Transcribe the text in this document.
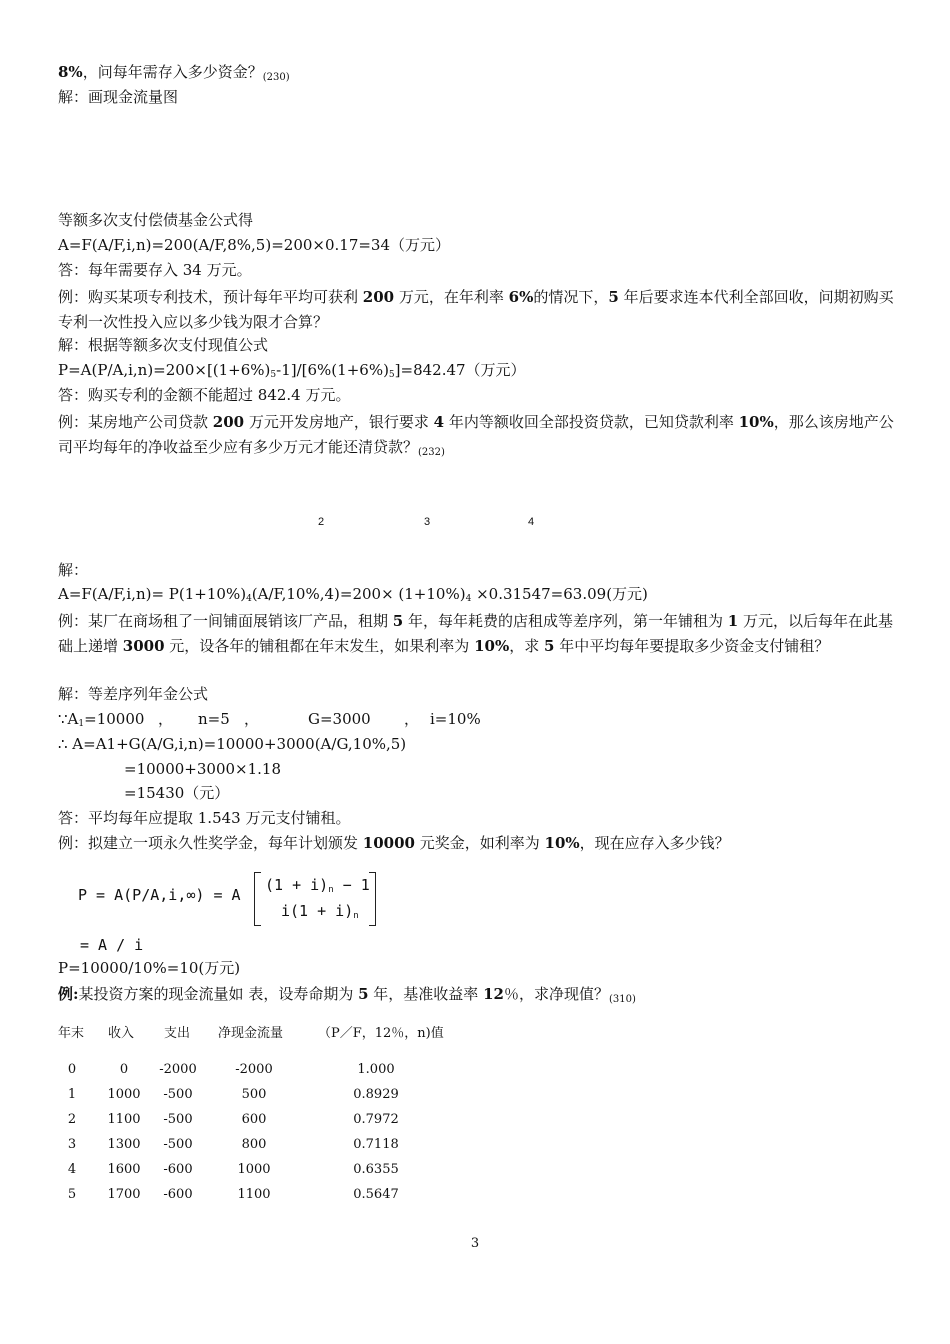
8%，问每年需存入多少资金？$_{(230)}$
解：画现金流量图
等额多次支付偿债基金公式得
A=F(A/F,i,n)=200(A/F,8%,5)=200×0.17=34（万元）
答：每年需要存入 34 万元。
例：购买某项专利技术，预计每年平均可获利 200 万元，在年利率 6%的情况下，5 年后要求连本代利全部回收，问期初购买专利一次性投入应以多少钱为限才合算？
解：根据等额多次支付现值公式
$P=A(P/A,i,n)=200\times[(1+6\%)_5-1]/[6\%(1+6\%)_5]=842.47$（万元）
答：购买专利的金额不能超过 842.4 万元。
例：某房地产公司贷款 200 万元开发房地产，银行要求 4 年内等额收回全部投资贷款，已知贷款利率 10%，那么该房地产公司平均每年的净收益至少应有多少万元才能还清贷款？$_{(232)}$
2	3	4
解：
$A=F(A/F,i,n)= P(1+10\%)_4(A/F,10\%,4)=200\times (1+10\%)_4 \times 0.31547=63.09$(万元)
例：某厂在商场租了一间铺面展销该厂产品，租期 5 年，每年耗费的店租成等差序列，第一年铺租为 1 万元，以后每年在此基础上递增 3000 元，设各年的铺租都在年末发生，如果利率为 10%，求 5 年中平均每年要提取多少资金支付铺租？
解：等差序列年金公式
$\because A_1=10000$ ， n=5 ，	G=3000 ， i=10%
∴ A=A1+G(A/G,i,n)=10000+3000(A/G,10%,5)
=10000+3000×1.18
=15430（元）
答：平均每年应提取 1.543 万元支付铺租。
例：拟建立一项永久性奖学金，每年计划颁发 10000 元奖金，如利率为 10%，现在应存入多少钱？
P = A(P/A,i,∞) = A
$(1 + i)_n - 1$
$i(1 + i)_n$
= A / i
P=10000/10%=10(万元)
例:某投资方案的现金流量如 表，设寿命期为 5 年，基准收益率 12％，求净现值？$_{(310)}$
年末	收入	支出	净现金流量	（P／F，12％，n)值
0	0	-2000	-2000	1.000
1	1000	-500	500	0.8929
2	1100	-500	600	0.7972
3	1300	-500	800	0.7118
4	1600	-600	1000	0.6355
5	1700	-600	1100	0.5647
3
